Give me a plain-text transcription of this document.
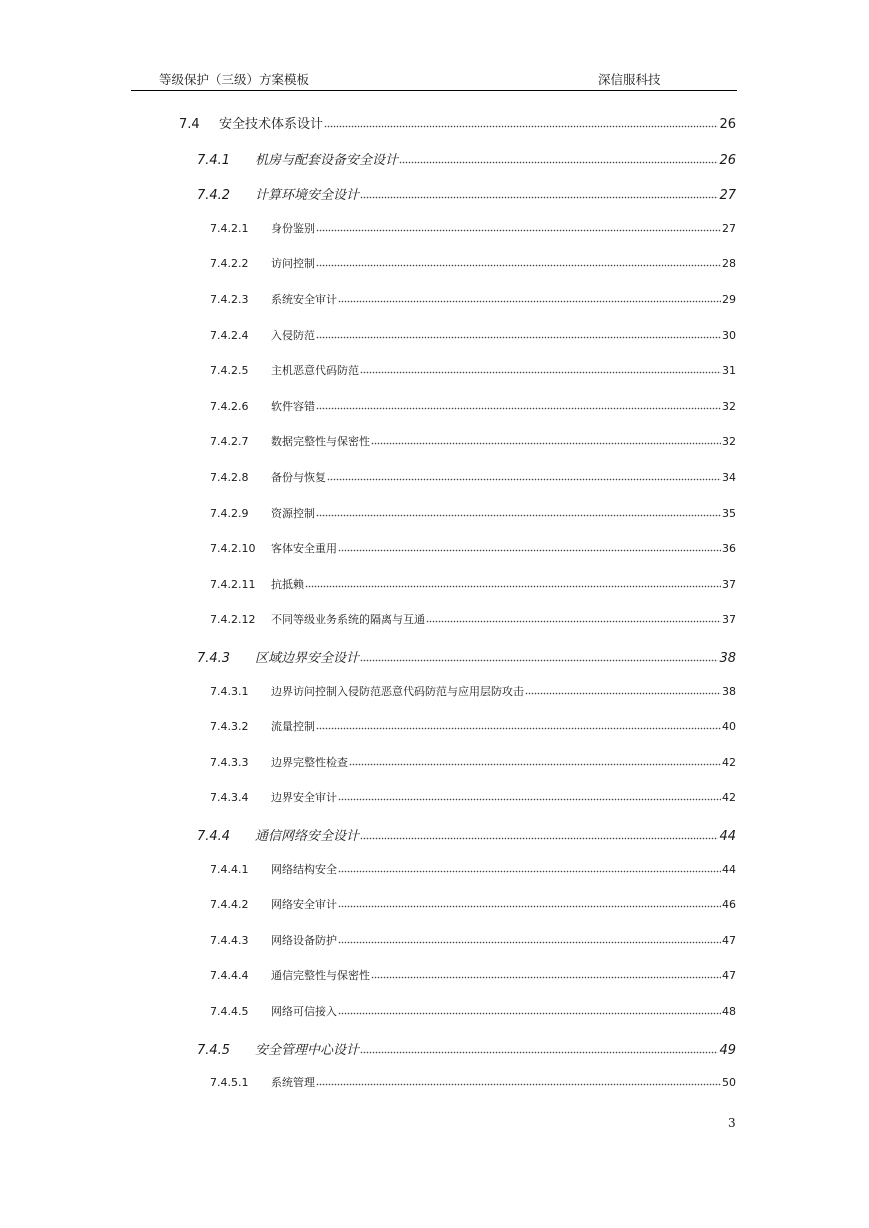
等级保护（三级）方案模板	深信服科技
7.4	安全技术体系设计	26
7.4.1	机房与配套设备安全设计	26
7.4.2	计算环境安全设计	27
7.4.2.1	身份鉴别	27
7.4.2.2	访问控制	28
7.4.2.3	系统安全审计	29
7.4.2.4	入侵防范	30
7.4.2.5	主机恶意代码防范	31
7.4.2.6	软件容错	32
7.4.2.7	数据完整性与保密性	32
7.4.2.8	备份与恢复	34
7.4.2.9	资源控制	35
7.4.2.10	客体安全重用	36
7.4.2.11	抗抵赖	37
7.4.2.12	不同等级业务系统的隔离与互通	37
7.4.3	区域边界安全设计	38
7.4.3.1	边界访问控制入侵防范恶意代码防范与应用层防攻击	38
7.4.3.2	流量控制	40
7.4.3.3	边界完整性检查	42
7.4.3.4	边界安全审计	42
7.4.4	通信网络安全设计	44
7.4.4.1	网络结构安全	44
7.4.4.2	网络安全审计	46
7.4.4.3	网络设备防护	47
7.4.4.4	通信完整性与保密性	47
7.4.4.5	网络可信接入	48
7.4.5	安全管理中心设计	49
7.4.5.1	系统管理	50
3
